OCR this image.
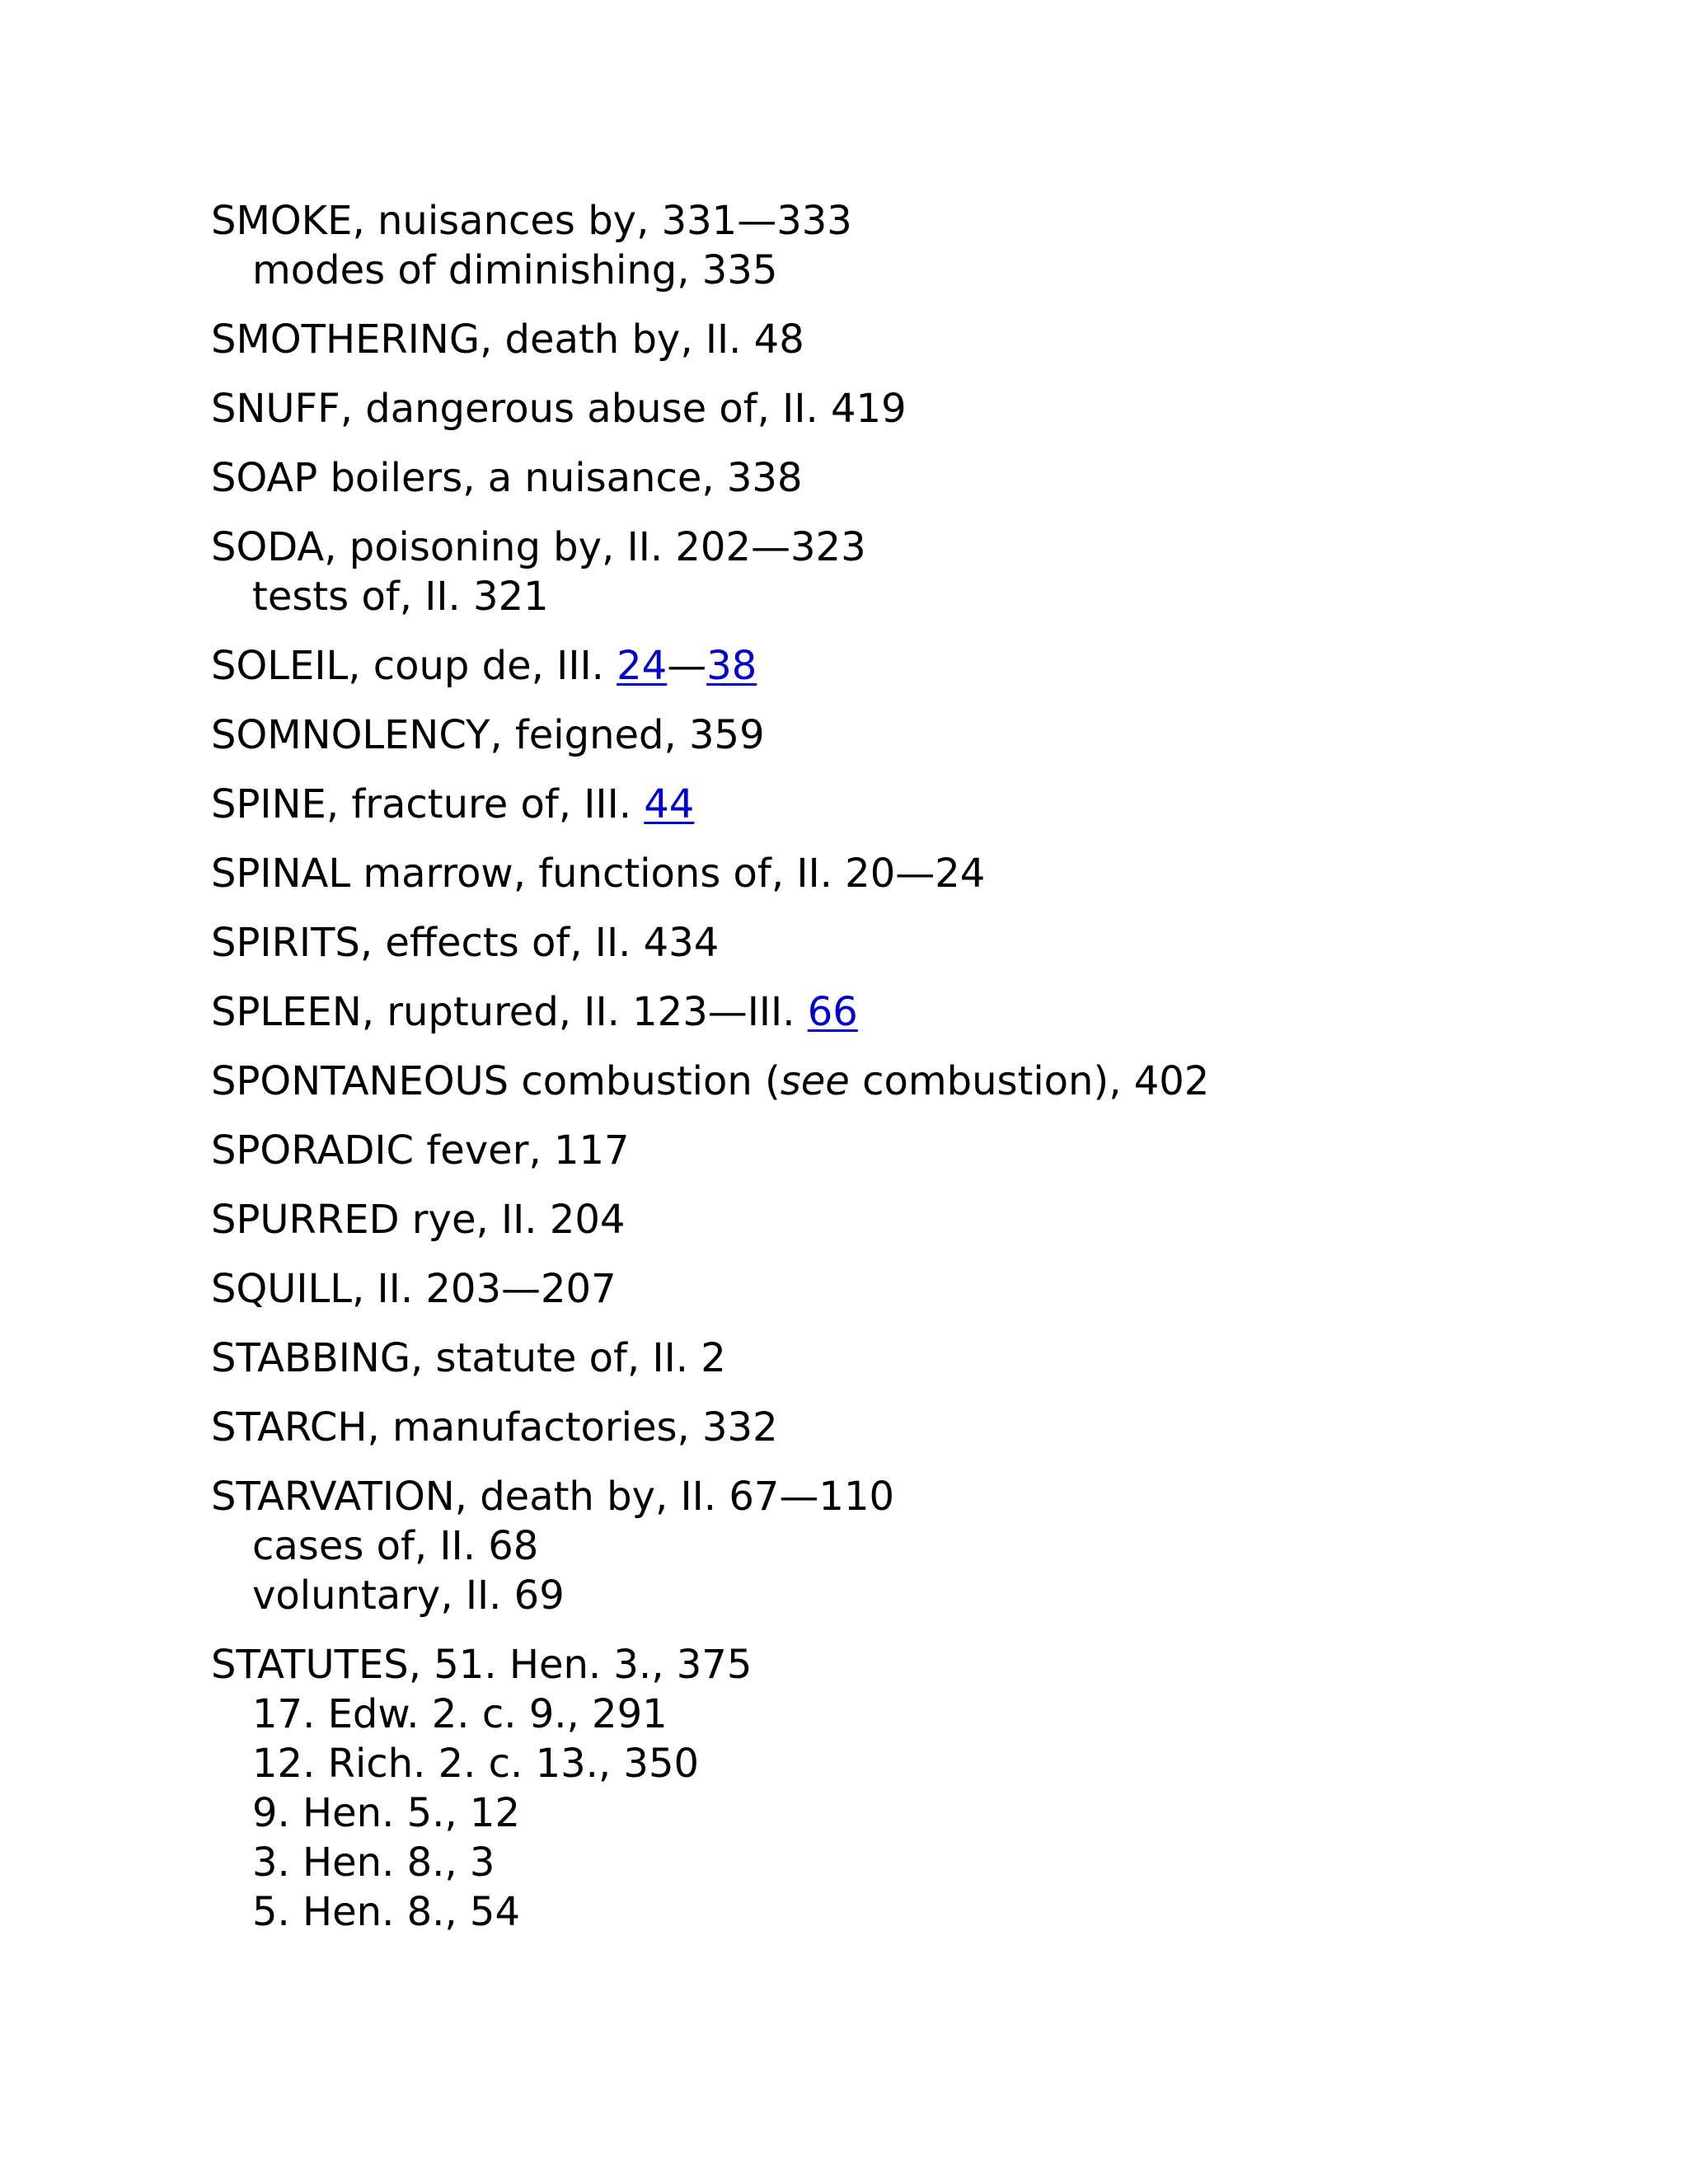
SMOKE, nuisances by, 331—333
modes of diminishing, 335
SMOTHERING, death by, II. 48
SNUFF, dangerous abuse of, II. 419
SOAP boilers, a nuisance, 338
SODA, poisoning by, II. 202—323
tests of, II. 321
SOLEIL, coup de, III. 24—38
SOMNOLENCY, feigned, 359
SPINE, fracture of, III. 44
SPINAL marrow, functions of, II. 20—24
SPIRITS, effects of, II. 434
SPLEEN, ruptured, II. 123—III. 66
SPONTANEOUS combustion (see combustion), 402
SPORADIC fever, 117
SPURRED rye, II. 204
SQUILL, II. 203—207
STABBING, statute of, II. 2
STARCH, manufactories, 332
STARVATION, death by, II. 67—110
cases of, II. 68
voluntary, II. 69
STATUTES, 51. Hen. 3., 375
17. Edw. 2. c. 9., 291
12. Rich. 2. c. 13., 350
9. Hen. 5., 12
3. Hen. 8., 3
5. Hen. 8., 54
